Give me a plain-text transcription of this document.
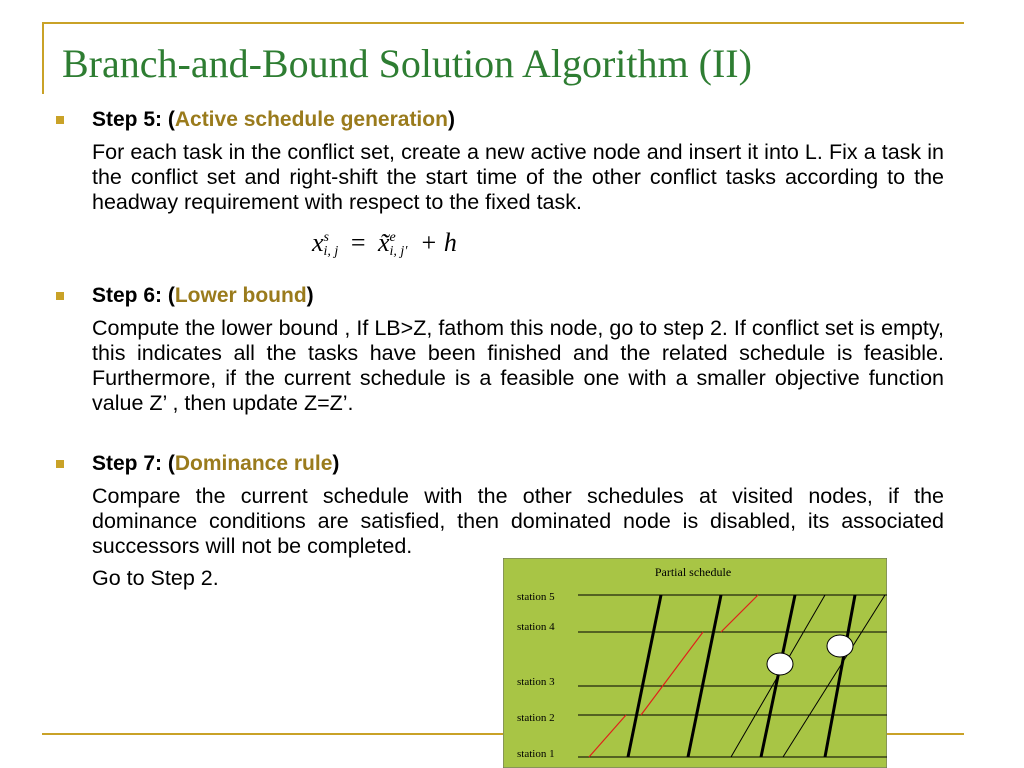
Branch-and-Bound Solution Algorithm (II)
Step 5: (Active schedule generation)
For each task in the conflict set, create a new active node and insert it into L. Fix a task in the conflict set and right-shift the start time of the other conflict tasks according to the headway requirement with respect to the fixed task.
x s
i, j = x̃ e
i, j′ + h
Step 6: (Lower bound)
Compute the lower bound , If LB>Z, fathom this node, go to step 2. If conflict set is empty, this indicates all the tasks have been finished and the related schedule is feasible. Furthermore, if the current schedule is a feasible one with a smaller objective function value Z’ , then update Z=Z’.
Step 7: (Dominance rule)
Compare the current schedule with the other schedules at visited nodes, if the dominance conditions are satisfied, then dominated node is disabled, its associated successors will not be completed.
Go to Step 2.	Partial schedule
station 5
station 4
station 3
station 2
station 1
